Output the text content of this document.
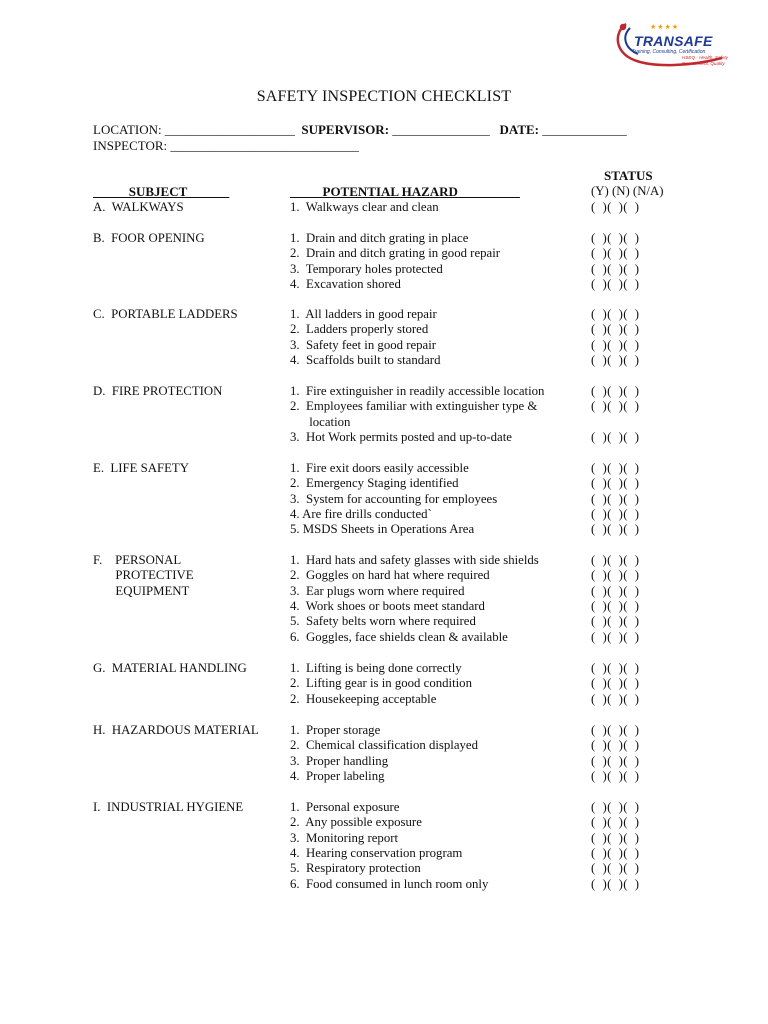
★★★★
TRANSAFE
Training, Consulting, Certification
HSEQ - Health, Safety Environment, Quality
SAFETY INSPECTION CHECKLIST
LOCATION: ____________________ SUPERVISOR: _______________ DATE: _____________
INSPECTOR: _____________________________
STATUS
(Y) (N) (N/A)
SUBJECT	POTENTIAL HAZARD           ____
A.  WALKWAYS	1.  Walkways clear and clean	(  )(  )(  )
B.  FOOR OPENING	1.  Drain and ditch grating in place	(  )(  )(  )
2.  Drain and ditch grating in good repair	(  )(  )(  )
3.  Temporary holes protected	(  )(  )(  )
4.  Excavation shored	(  )(  )(  )
C.  PORTABLE LADDERS	1.  All ladders in good repair	(  )(  )(  )
2.  Ladders properly stored	(  )(  )(  )
3.  Safety feet in good repair	(  )(  )(  )
4.  Scaffolds built to standard	(  )(  )(  )
D.  FIRE PROTECTION	1.  Fire extinguisher in readily accessible location	(  )(  )(  )
2.  Employees familiar with extinguisher type &	(  )(  )(  )
location
3.  Hot Work permits posted and up-to-date	(  )(  )(  )
E.  LIFE SAFETY	1.  Fire exit doors easily accessible	(  )(  )(  )
2.  Emergency Staging identified	(  )(  )(  )
3.  System for accounting for employees	(  )(  )(  )
4. Are fire drills conducted`	(  )(  )(  )
5. MSDS Sheets in Operations Area	(  )(  )(  )
F.    PERSONAL
PROTECTIVE
EQUIPMENT
1.  Hard hats and safety glasses with side shields	(  )(  )(  )
2.  Goggles on hard hat where required	(  )(  )(  )
3.  Ear plugs worn where required	(  )(  )(  )
4.  Work shoes or boots meet standard	(  )(  )(  )
5.  Safety belts worn where required	(  )(  )(  )
6.  Goggles, face shields clean & available	(  )(  )(  )
G.  MATERIAL HANDLING	1.  Lifting is being done correctly	(  )(  )(  )
2.  Lifting gear is in good condition	(  )(  )(  )
2.  Housekeeping acceptable	(  )(  )(  )
H.  HAZARDOUS MATERIAL 1.  Proper storage	(  )(  )(  )
2.  Chemical classification displayed	(  )(  )(  )
3.  Proper handling	(  )(  )(  )
4.  Proper labeling	(  )(  )(  )
I.  INDUSTRIAL HYGIENE	1.  Personal exposure	(  )(  )(  )
2.  Any possible exposure	(  )(  )(  )
3.  Monitoring report	(  )(  )(  )
4.  Hearing conservation program	(  )(  )(  )
5.  Respiratory protection	(  )(  )(  )
6.  Food consumed in lunch room only	(  )(  )(  )
